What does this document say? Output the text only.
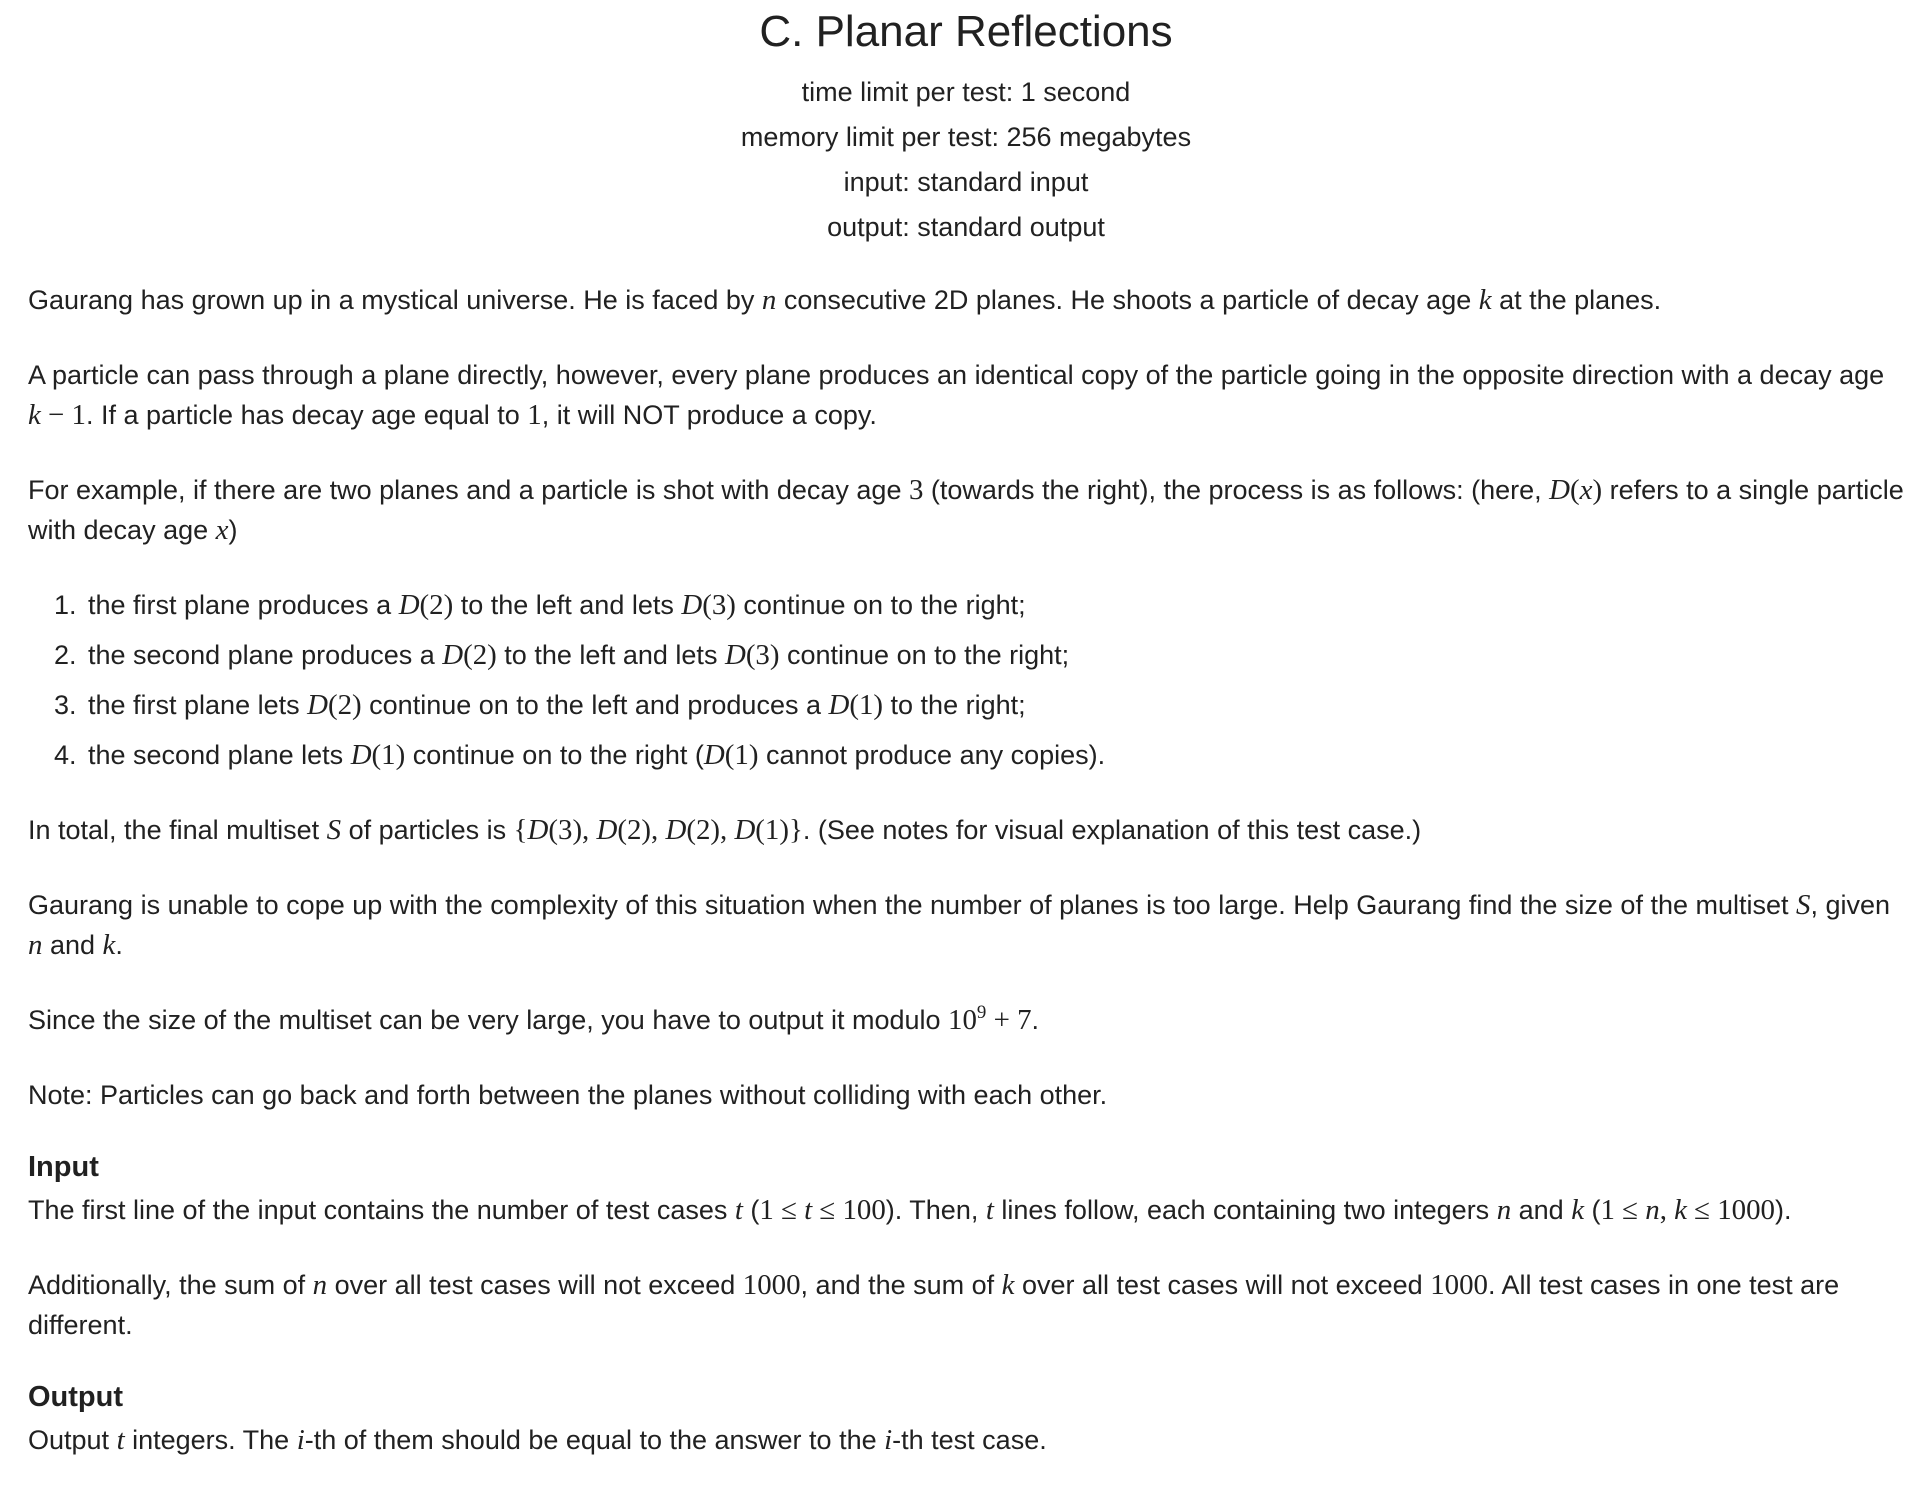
C. Planar Reflections
time limit per test: 1 second
memory limit per test: 256 megabytes
input: standard input
output: standard output

Gaurang has grown up in a mystical universe. He is faced by n consecutive 2D planes. He shoots a particle of decay age k at the planes.

A particle can pass through a plane directly, however, every plane produces an identical copy of the particle going in the opposite direction with a decay age k − 1. If a particle has decay age equal to 1, it will NOT produce a copy.

For example, if there are two planes and a particle is shot with decay age 3 (towards the right), the process is as follows: (here, D(x) refers to a single particle with decay age x)

1. the first plane produces a D(2) to the left and lets D(3) continue on to the right;
2. the second plane produces a D(2) to the left and lets D(3) continue on to the right;
3. the first plane lets D(2) continue on to the left and produces a D(1) to the right;
4. the second plane lets D(1) continue on to the right (D(1) cannot produce any copies).

In total, the final multiset S of particles is {D(3), D(2), D(2), D(1)}. (See notes for visual explanation of this test case.)

Gaurang is unable to cope up with the complexity of this situation when the number of planes is too large. Help Gaurang find the size of the multiset S, given n and k.

Since the size of the multiset can be very large, you have to output it modulo $10^9 + 7$.

Note: Particles can go back and forth between the planes without colliding with each other.

Input

The first line of the input contains the number of test cases t (1 ≤ t ≤ 100). Then, t lines follow, each containing two integers n and k (1 ≤ n, k ≤ 1000).

Additionally, the sum of n over all test cases will not exceed 1000, and the sum of k over all test cases will not exceed 1000. All test cases in one test are different.

Output

Output t integers. The i-th of them should be equal to the answer to the i-th test case.
